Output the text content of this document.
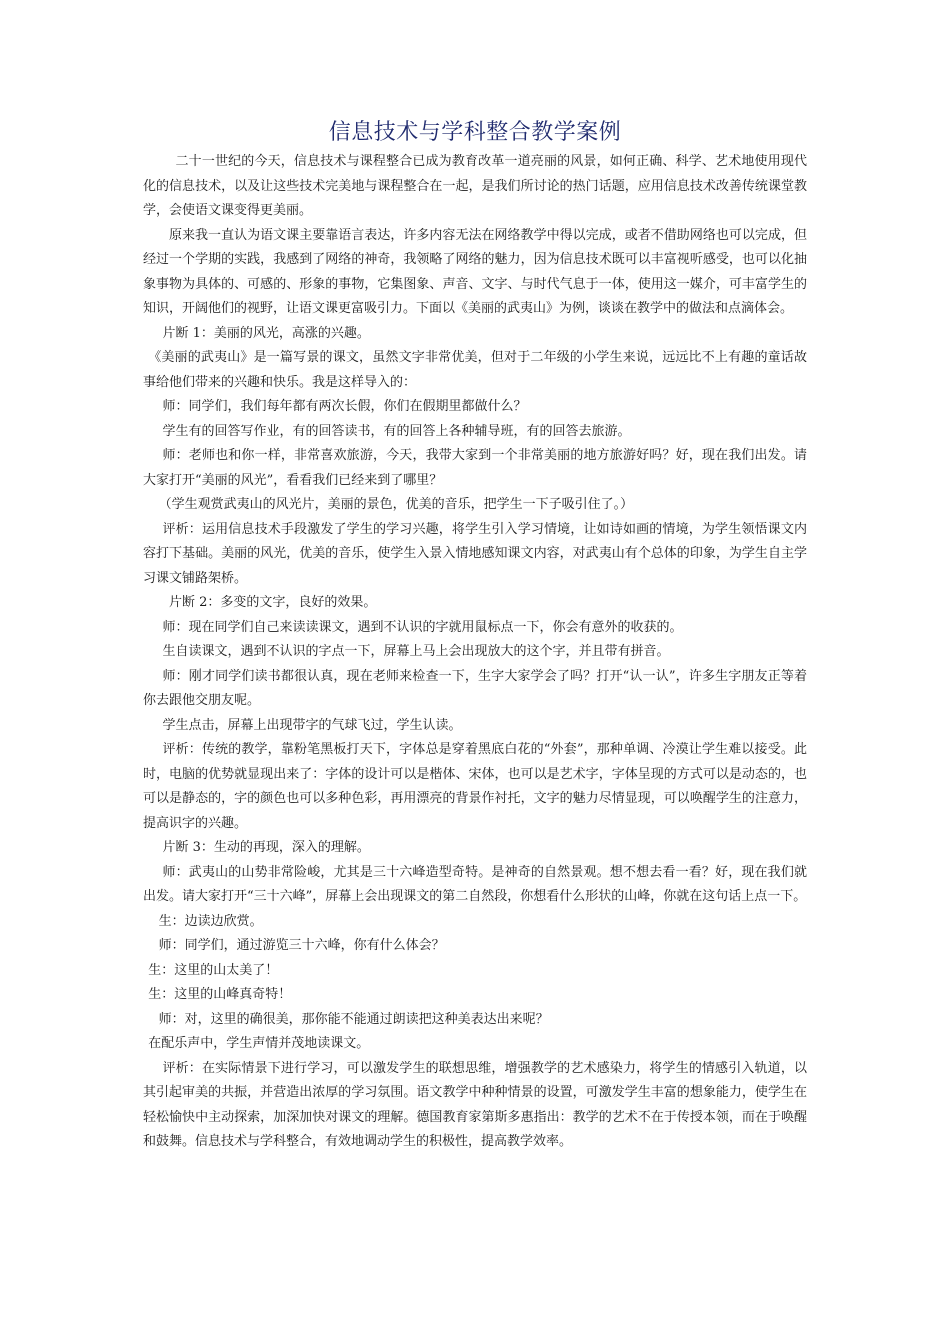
信息技术与学科整合教学案例

二十一世纪的今天，信息技术与课程整合已成为教育改革一道亮丽的风景，如何正确、科学、艺术地使用现代化的信息技术，以及让这些技术完美地与课程整合在一起，是我们所讨论的热门话题，应用信息技术改善传统课堂教学，会使语文课变得更美丽。

原来我一直认为语文课主要靠语言表达，许多内容无法在网络教学中得以完成，或者不借助网络也可以完成，但经过一个学期的实践，我感到了网络的神奇，我领略了网络的魅力，因为信息技术既可以丰富视听感受，也可以化抽象事物为具体的、可感的、形象的事物，它集图象、声音、文字、与时代气息于一体，使用这一媒介，可丰富学生的知识，开阔他们的视野，让语文课更富吸引力。下面以《美丽的武夷山》为例，谈谈在教学中的做法和点滴体会。

片断 1：美丽的风光，高涨的兴趣。

《美丽的武夷山》是一篇写景的课文，虽然文字非常优美，但对于二年级的小学生来说，远远比不上有趣的童话故事给他们带来的兴趣和快乐。我是这样导入的：

师：同学们，我们每年都有两次长假，你们在假期里都做什么？

学生有的回答写作业，有的回答读书，有的回答上各种辅导班，有的回答去旅游。

师：老师也和你一样，非常喜欢旅游，今天，我带大家到一个非常美丽的地方旅游好吗？好，现在我们出发。请大家打开“美丽的风光”，看看我们已经来到了哪里？

（学生观赏武夷山的风光片，美丽的景色，优美的音乐，把学生一下子吸引住了。）

评析：运用信息技术手段激发了学生的学习兴趣，将学生引入学习情境，让如诗如画的情境，为学生领悟课文内容打下基础。美丽的风光，优美的音乐，使学生入景入情地感知课文内容，对武夷山有个总体的印象，为学生自主学习课文铺路架桥。

片断 2：多变的文字，良好的效果。

师：现在同学们自己来读读课文，遇到不认识的字就用鼠标点一下，你会有意外的收获的。

生自读课文，遇到不认识的字点一下，屏幕上马上会出现放大的这个字，并且带有拼音。

师：刚才同学们读书都很认真，现在老师来检查一下，生字大家学会了吗？打开“认一认”，许多生字朋友正等着你去跟他交朋友呢。

学生点击，屏幕上出现带字的气球飞过，学生认读。

评析：传统的教学，靠粉笔黑板打天下，字体总是穿着黑底白花的“外套”，那种单调、冷漠让学生难以接受。此时，电脑的优势就显现出来了：字体的设计可以是楷体、宋体，也可以是艺术字，字体呈现的方式可以是动态的，也可以是静态的，字的颜色也可以多种色彩，再用漂亮的背景作衬托，文字的魅力尽情显现，可以唤醒学生的注意力，提高识字的兴趣。

片断 3：生动的再现，深入的理解。

师：武夷山的山势非常险峻，尤其是三十六峰造型奇特。是神奇的自然景观。想不想去看一看？好，现在我们就出发。请大家打开“三十六峰”，屏幕上会出现课文的第二自然段，你想看什么形状的山峰，你就在这句话上点一下。

生：边读边欣赏。

师：同学们，通过游览三十六峰，你有什么体会？

生：这里的山太美了！

生：这里的山峰真奇特！

师：对，这里的确很美，那你能不能通过朗读把这种美表达出来呢？

在配乐声中，学生声情并茂地读课文。

评析：在实际情景下进行学习，可以激发学生的联想思维，增强教学的艺术感染力，将学生的情感引入轨道，以其引起审美的共振，并营造出浓厚的学习氛围。语文教学中种种情景的设置，可激发学生丰富的想象能力，使学生在轻松愉快中主动探索，加深加快对课文的理解。德国教育家第斯多惠指出：教学的艺术不在于传授本领，而在于唤醒和鼓舞。信息技术与学科整合，有效地调动学生的积极性，提高教学效率。
